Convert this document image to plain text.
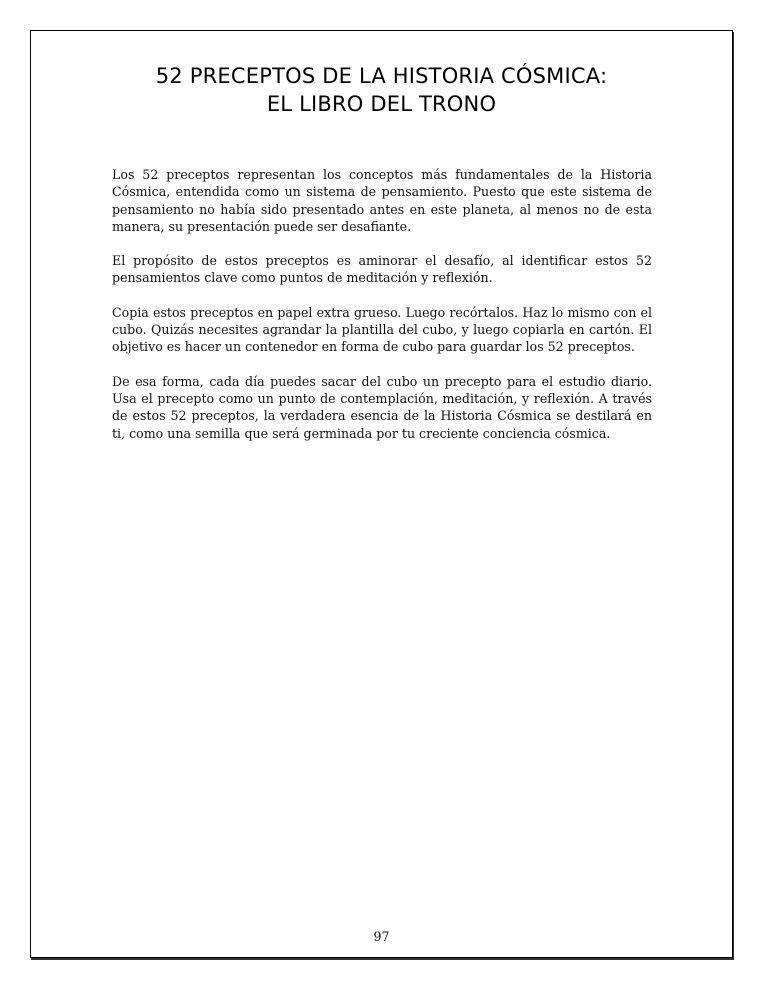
52 PRECEPTOS DE LA HISTORIA CÓSMICA:
EL LIBRO DEL TRONO

Los 52 preceptos representan los conceptos más fundamentales de la Historia Cósmica, entendida como un sistema de pensamiento. Puesto que este sistema de pensamiento no había sido presentado antes en este planeta, al menos no de esta manera, su presentación puede ser desafiante.

El propósito de estos preceptos es aminorar el desafío, al identificar estos 52 pensamientos clave como puntos de meditación y reflexión.

Copia estos preceptos en papel extra grueso. Luego recórtalos. Haz lo mismo con el cubo. Quizás necesites agrandar la plantilla del cubo, y luego copiarla en cartón. El objetivo es hacer un contenedor en forma de cubo para guardar los 52 preceptos.

De esa forma, cada día puedes sacar del cubo un precepto para el estudio diario. Usa el precepto como un punto de contemplación, meditación, y reflexión. A través de estos 52 preceptos, la verdadera esencia de la Historia Cósmica se destilará en ti, como una semilla que será germinada por tu creciente conciencia cósmica.

97
